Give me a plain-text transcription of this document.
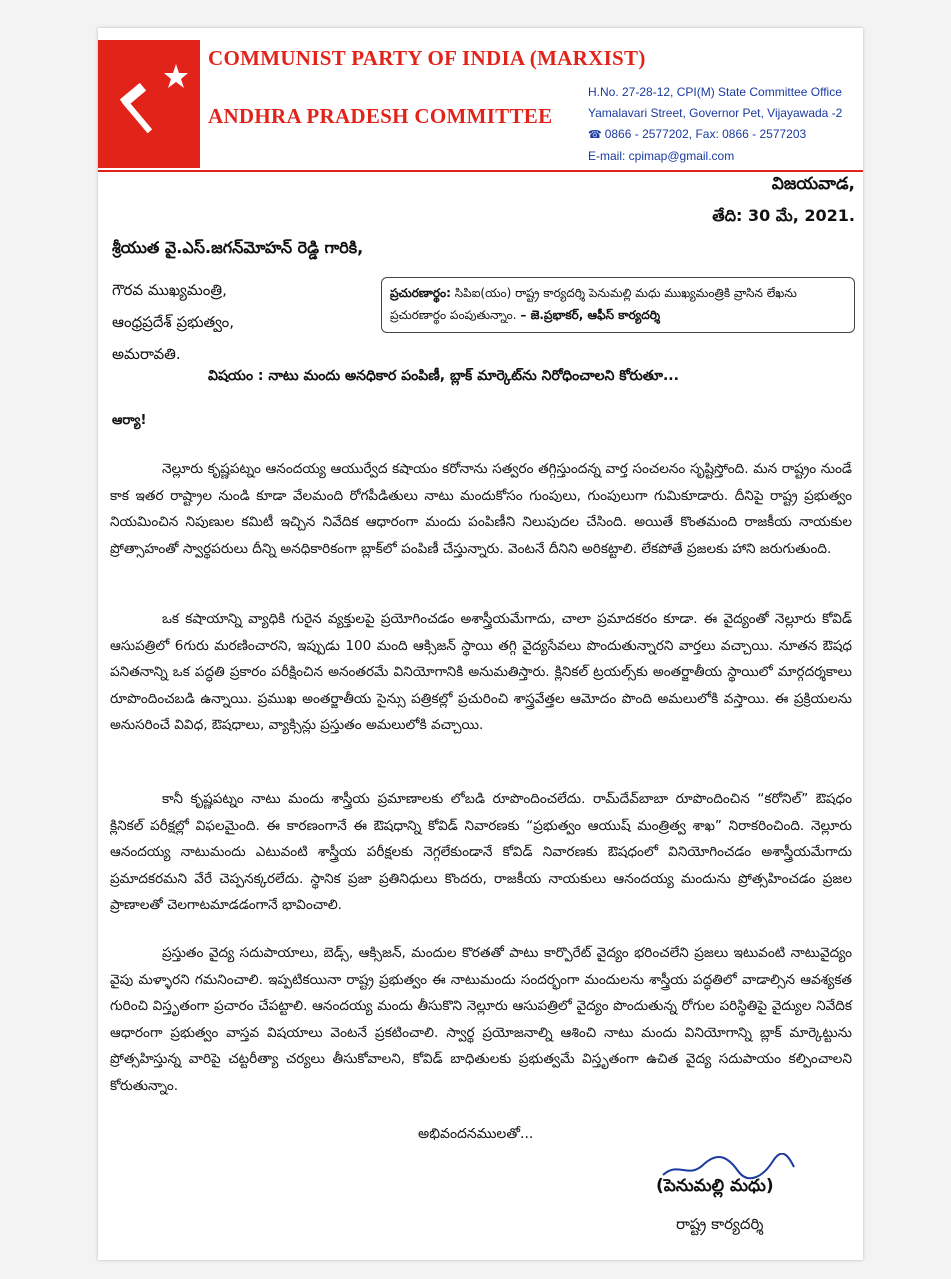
COMMUNIST PARTY OF INDIA (MARXIST)
ANDHRA PRADESH COMMITTEE
H.No. 27-28-12, CPI(M) State Committee Office
Yamalavari Street, Governor Pet, Vijayawada -2
☎ 0866 - 2577202, Fax: 0866 - 2577203
E-mail: cpimap@gmail.com
విజయవాడ,
తేది: 30 మే, 2021.
శ్రీయుత వై.ఎస్.జగన్‌మోహన్ రెడ్డి గారికి,
గౌరవ ముఖ్యమంత్రి,
ఆంధ్రప్రదేశ్ ప్రభుత్వం,
అమరావతి.
ప్రచురణార్థం: సిపిఐ(యం) రాష్ట్ర కార్యదర్శి పెనుమల్లి మధు ముఖ్యమంత్రికి వ్రాసిన లేఖను ప్రచురణార్థం పంపుతున్నాం. – జె.ప్రభాకర్, ఆఫీస్ కార్యదర్శి
విషయం : నాటు మందు అనధికార పంపిణీ, బ్లాక్ మార్కెట్‌ను నిరోధించాలని కోరుతూ...
ఆర్యా!
నెల్లూరు కృష్ణపట్నం ఆనందయ్య ఆయుర్వేద కషాయం కరోనాను సత్వరం తగ్గిస్తుందన్న వార్త సంచలనం సృష్టిస్తోంది. మన రాష్ట్రం నుండే కాక ఇతర రాష్ట్రాల నుండి కూడా వేలమంది రోగపీడితులు నాటు మందుకోసం గుంపులు, గుంపులుగా గుమికూడారు. దీనిపై రాష్ట్ర ప్రభుత్వం నియమించిన నిపుణుల కమిటీ ఇచ్చిన నివేదిక ఆధారంగా మందు పంపిణీని నిలుపుదల చేసింది. అయితే కొంతమంది రాజకీయ నాయకుల ప్రోత్సాహంతో స్వార్థపరులు దీన్ని అనధికారికంగా బ్లాక్‌లో పంపిణీ చేస్తున్నారు. వెంటనే దీనిని అరికట్టాలి. లేకపోతే ప్రజలకు హాని జరుగుతుంది.
ఒక కషాయాన్ని వ్యాధికి గురైన వ్యక్తులపై ప్రయోగించడం అశాస్త్రీయమేగాదు, చాలా ప్రమాదకరం కూడా. ఈ వైద్యంతో నెల్లూరు కోవిడ్ ఆసుపత్రిలో 6గురు మరణించారని, ఇప్పుడు 100 మంది ఆక్సిజన్ స్థాయి తగ్గి వైద్యసేవలు పొందుతున్నారని వార్తలు వచ్చాయి. నూతన ఔషధ పనితనాన్ని ఒక పద్ధతి ప్రకారం పరీక్షించిన అనంతరమే వినియోగానికి అనుమతిస్తారు. క్లినికల్ ట్రయల్స్‌కు అంతర్జాతీయ స్థాయిలో మార్గదర్శకాలు రూపొందించబడి ఉన్నాయి. ప్రముఖ అంతర్జాతీయ సైన్సు పత్రికల్లో ప్రచురించి శాస్త్రవేత్తల ఆమోదం పొంది అమలులోకి వస్తాయి. ఈ ప్రక్రియలను అనుసరించే వివిధ, ఔషధాలు, వ్యాక్సిన్లు ప్రస్తుతం అమలులోకి వచ్చాయి.
కానీ కృష్ణపట్నం నాటు మందు శాస్త్రీయ ప్రమాణాలకు లోబడి రూపొందించలేదు. రామ్‌దేవ్‌బాబా రూపొందించిన “కరోనిల్” ఔషధం క్లినికల్ పరీక్షల్లో విఫలమైంది. ఈ కారణంగానే ఈ ఔషధాన్ని కోవిడ్ నివారణకు “ప్రభుత్వం ఆయుష్ మంత్రిత్వ శాఖ” నిరాకరించింది. నెల్లూరు ఆనందయ్య నాటుమందు ఎటువంటి శాస్త్రీయ పరీక్షలకు నెగ్గలేకుండానే కోవిడ్ నివారణకు ఔషధంలో వినియోగించడం అశాస్త్రీయమేగాదు ప్రమాదకరమని వేరే చెప్పనక్కరలేదు. స్థానిక ప్రజా ప్రతినిధులు కొందరు, రాజకీయ నాయకులు ఆనందయ్య మందును ప్రోత్సహించడం ప్రజల ప్రాణాలతో చెలగాటమాడడంగానే భావించాలి.
ప్రస్తుతం వైద్య సదుపాయాలు, బెడ్స్, ఆక్సిజన్, మందుల కొరతతో పాటు కార్పొరేట్ వైద్యం భరించలేని ప్రజలు ఇటువంటి నాటువైద్యం వైపు మళ్ళారని గమనించాలి. ఇప్పటికయినా రాష్ట్ర ప్రభుత్వం ఈ నాటుమందు సందర్భంగా మందులను శాస్త్రీయ పద్ధతిలో వాడాల్సిన ఆవశ్యకత గురించి విస్తృతంగా ప్రచారం చేపట్టాలి. ఆనందయ్య మందు తీసుకొని నెల్లూరు ఆసుపత్రిలో వైద్యం పొందుతున్న రోగుల పరిస్థితిపై వైద్యుల నివేదిక ఆధారంగా ప్రభుత్వం వాస్తవ విషయాలు వెంటనే ప్రకటించాలి. స్వార్థ ప్రయోజనాల్ని ఆశించి నాటు మందు వినియోగాన్ని బ్లాక్ మార్కెట్టును ప్రోత్సహిస్తున్న వారిపై చట్టరీత్యా చర్యలు తీసుకోవాలని, కోవిడ్ బాధితులకు ప్రభుత్వమే విస్తృతంగా ఉచిత వైద్య సదుపాయం కల్పించాలని కోరుతున్నాం.
అభివందనములతో...
(పెనుమల్లి మధు)
రాష్ట్ర కార్యదర్శి
